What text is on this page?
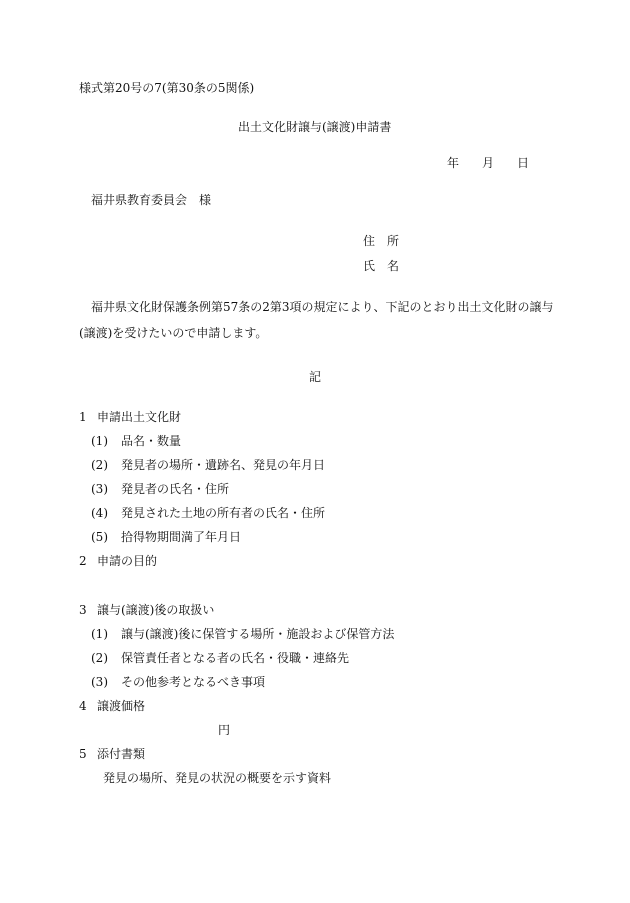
様式第20号の7(第30条の5関係)
出土文化財譲与(譲渡)申請書
年 月 日
福井県教育委員会　様
住　所
氏　名
福井県文化財保護条例第57条の2第3項の規定により、下記のとおり出土文化財の譲与(譲渡)を受けたいので申請します。
記
1 申請出土文化財
(1) 品名・数量
(2) 発見者の場所・遺跡名、発見の年月日
(3) 発見者の氏名・住所
(4) 発見された土地の所有者の氏名・住所
(5) 拾得物期間満了年月日
2 申請の目的
3 譲与(譲渡)後の取扱い
(1) 譲与(譲渡)後に保管する場所・施設および保管方法
(2) 保管責任者となる者の氏名・役職・連絡先
(3) その他参考となるべき事項
4 譲渡価格
円
5 添付書類
発見の場所、発見の状況の概要を示す資料
